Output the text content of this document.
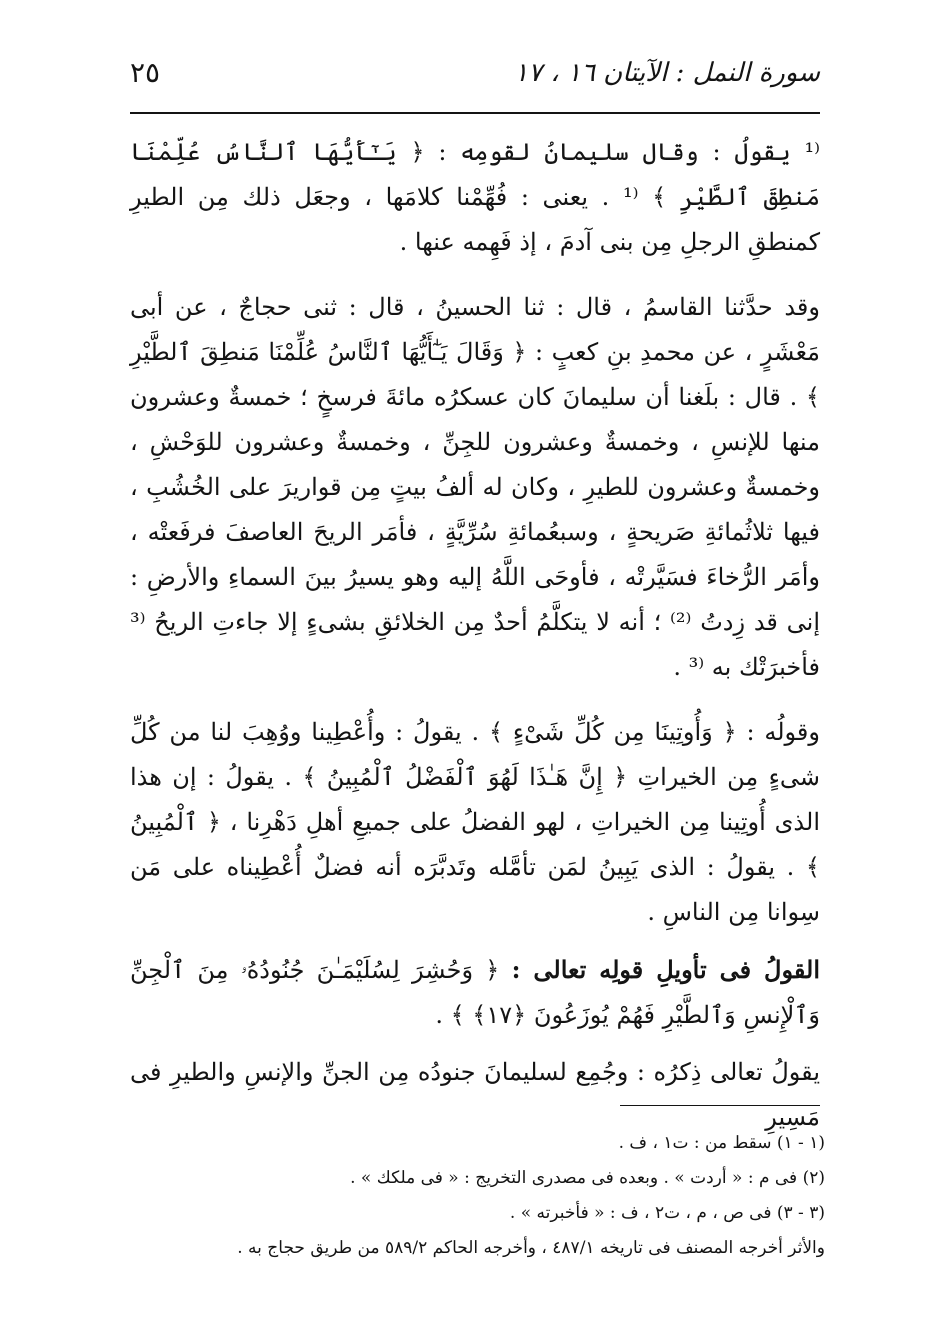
سورة النمل : الآيتان ١٦ ، ١٧
٢٥

⁽¹ يقولُ : وقال سليمانُ لقومِه : ﴿ يَـٰٓأَيُّهَا ٱلنَّاسُ عُلِّمْنَا مَنطِقَ ٱلطَّيْرِ ﴾ ⁽¹ . يعنى : فُهِّمْنا كلامَها ، وجعَل ذلك مِن الطيرِ كمنطقِ الرجلِ مِن بنى آدمَ ، إذ فَهِمه عنها .

وقد حدَّثنا القاسمُ ، قال : ثنا الحسينُ ، قال : ثنى حجاجٌ ، عن أبى مَعْشَرٍ ، عن محمدِ بنِ كعبٍ : ﴿ وَقَالَ يَـٰٓأَيُّهَا ٱلنَّاسُ عُلِّمْنَا مَنطِقَ ٱلطَّيْرِ ﴾ . قال : بلَغنا أن سليمانَ كان عسكرُه مائةَ فرسخٍ ؛ خمسةٌ وعشرون منها للإنسِ ، وخمسةٌ وعشرون للجِنِّ ، وخمسةٌ وعشرون للوَحْشِ ، وخمسةٌ وعشرون للطيرِ ، وكان له ألفُ بيتٍ مِن قواريرَ على الخُشُبِ ، فيها ثلاثُمائةِ صَريحةٍ ، وسبعُمائةِ سُرِّيَّةٍ ، فأمَر الريحَ العاصفَ فرفَعتْه ، وأمَر الرُّخاءَ فسَيَّرتْه ، فأوحَى اللَّهُ إليه وهو يسيرُ بينَ السماءِ والأرضِ : إنى قد زِدتُ ⁽²⁾ ؛ أنه لا يتكلَّمُ أحدٌ مِن الخلائقِ بشىءٍ إلا جاءتِ الريحُ ⁽³ فأخبرَتْك به ⁽³ .

وقولُه : ﴿ وَأُوتِينَا مِن كُلِّ شَىْءٍ ﴾ . يقولُ : وأُعْطِينا ووُهِبَ لنا من كُلِّ شىءٍ مِن الخيراتِ ﴿ إِنَّ هَـٰذَا لَهُوَ ٱلْفَضْلُ ٱلْمُبِينُ ﴾ . يقولُ : إن هذا الذى أُوتِينا مِن الخيراتِ ، لهو الفضلُ على جميعِ أهلِ دَهْرِنا ، ﴿ ٱلْمُبِينُ ﴾ . يقولُ : الذى يَبِينُ لمَن تأمَّله وتَدبَّرَه أنه فضلٌ أُعْطِيناه على مَن سِوانا مِن الناسِ .

القولُ فى تأويلِ قولِه تعالى : ﴿ وَحُشِرَ لِسُلَيْمَـٰنَ جُنُودُهُۥ مِنَ ٱلْجِنِّ وَٱلْإِنسِ وَٱلطَّيْرِ فَهُمْ يُوزَعُونَ ﴿١٧﴾ ﴾ .

يقولُ تعالى ذِكرُه : وجُمِع لسليمانَ جنودُه مِن الجنِّ والإنسِ والطيرِ فى مَسِيرِ

(١ - ١) سقط من : ت١ ، ف .

(٢) فى م : « أردت » . وبعده فى مصدرى التخريج : « فى ملكك » .

(٣ - ٣) فى ص ، م ، ت٢ ، ف : « فأخبرته » .

والأثر أخرجه المصنف فى تاريخه ٤٨٧/١ ، وأخرجه الحاكم ٥٨٩/٢ من طريق حجاج به .
